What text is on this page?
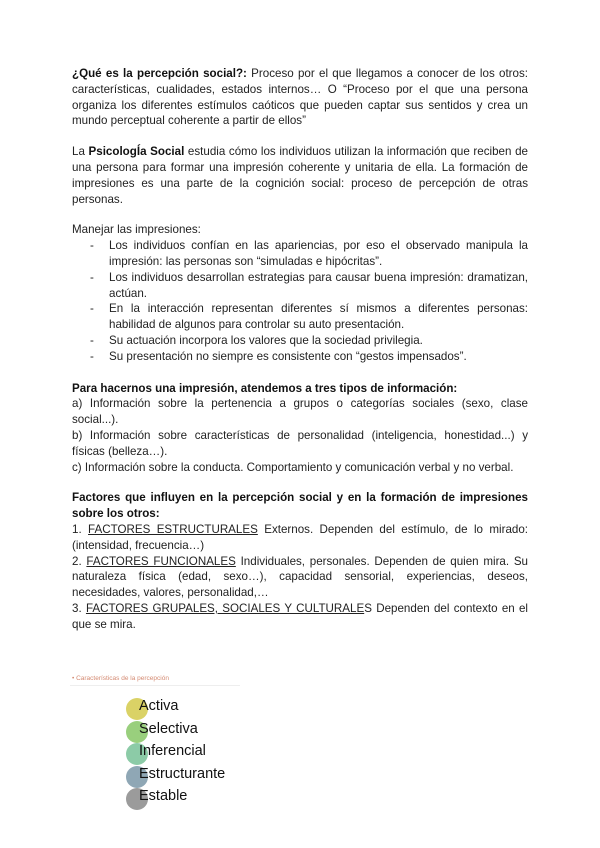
¿Qué es la percepción social?: Proceso por el que llegamos a conocer de los otros: características, cualidades, estados internos… O “Proceso por el que una persona organiza los diferentes estímulos caóticos que pueden captar sus sentidos y crea un mundo perceptual coherente a partir de ellos”

La PsicologÍa Social estudia cómo los individuos utilizan la información que reciben de una persona para formar una impresión coherente y unitaria de ella. La formación de impresiones es una parte de la cognición social: proceso de percepción de otras personas.

Manejar las impresiones:

- Los individuos confían en las apariencias, por eso el observado manipula la impresión: las personas son “simuladas e hipócritas”.
- Los individuos desarrollan estrategias para causar buena impresión: dramatizan, actúan.
- En la interacción representan diferentes sí mismos a diferentes personas: habilidad de algunos para controlar su auto presentación.
- Su actuación incorpora los valores que la sociedad privilegia.
- Su presentación no siempre es consistente con “gestos impensados”.

Para hacernos una impresión, atendemos a tres tipos de información:

a) Información sobre la pertenencia a grupos o categorías sociales (sexo, clase social...).

b) Información sobre características de personalidad (inteligencia, honestidad...) y físicas (belleza…).

c) Información sobre la conducta. Comportamiento y comunicación verbal y no verbal.

Factores que influyen en la percepción social y en la formación de impresiones sobre los otros:

1. FACTORES ESTRUCTURALES Externos. Dependen del estímulo, de lo mirado: (intensidad, frecuencia…)

2. FACTORES FUNCIONALES Individuales, personales. Dependen de quien mira. Su naturaleza física (edad, sexo…), capacidad sensorial, experiencias, deseos, necesidades, valores, personalidad,…

3. FACTORES GRUPALES, SOCIALES Y CULTURALES Dependen del contexto en el que se mira.

• Características de la percepción
Activa
Selectiva
Inferencial
Estructurante
Estable
